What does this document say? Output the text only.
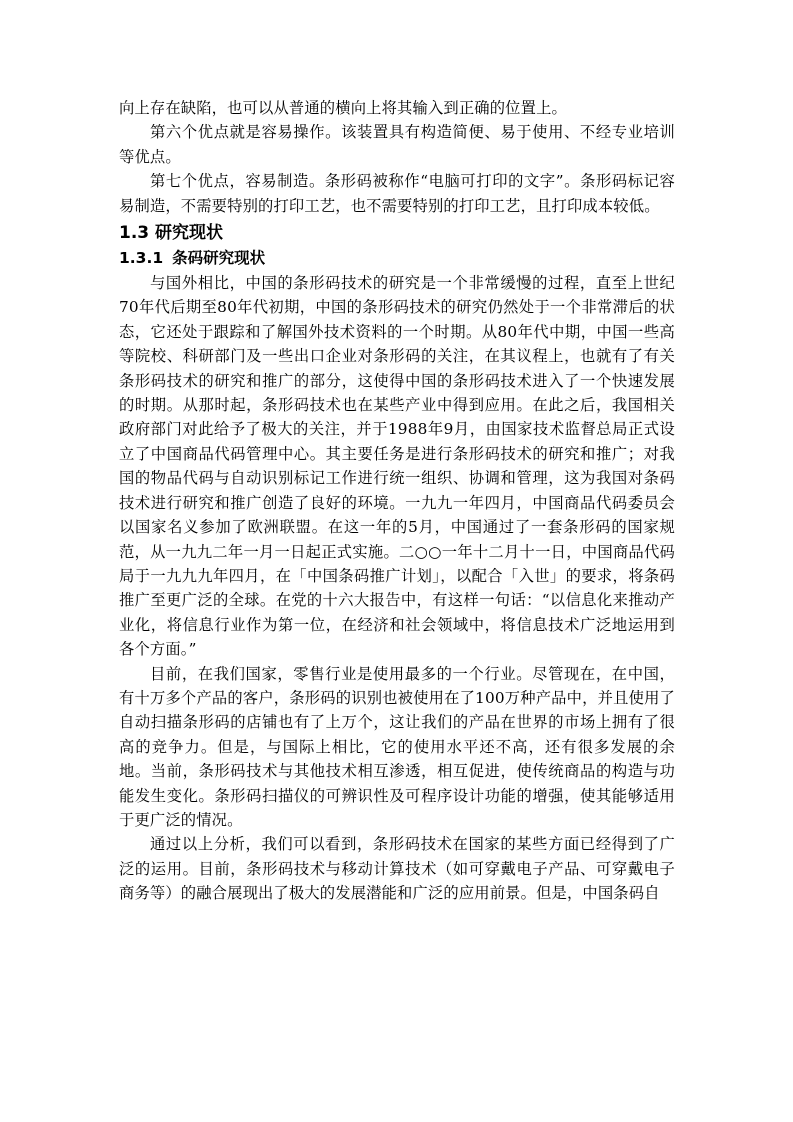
向上存在缺陷，也可以从普通的横向上将其输入到正确的位置上。

第六个优点就是容易操作。该装置具有构造简便、易于使用、不经专业培训等优点。

第七个优点，容易制造。条形码被称作“电脑可打印的文字”。条形码标记容易制造，不需要特别的打印工艺，也不需要特别的打印工艺，且打印成本较低。

1.3 研究现状
1.3.1 条码研究现状

与国外相比，中国的条形码技术的研究是一个非常缓慢的过程，直至上世纪70年代后期至80年代初期，中国的条形码技术的研究仍然处于一个非常滞后的状态，它还处于跟踪和了解国外技术资料的一个时期。从80年代中期，中国一些高等院校、科研部门及一些出口企业对条形码的关注，在其议程上，也就有了有关条形码技术的研究和推广的部分，这使得中国的条形码技术进入了一个快速发展的时期。从那时起，条形码技术也在某些产业中得到应用。在此之后，我国相关政府部门对此给予了极大的关注，并于1988年9月，由国家技术监督总局正式设立了中国商品代码管理中心。其主要任务是进行条形码技术的研究和推广；对我国的物品代码与自动识别标记工作进行统一组织、协调和管理，这为我国对条码技术进行研究和推广创造了良好的环境。一九九一年四月，中国商品代码委员会以国家名义参加了欧洲联盟。在这一年的5月，中国通过了一套条形码的国家规范，从一九九二年一月一日起正式实施。二○○一年十二月十一日，中国商品代码局于一九九九年四月，在「中国条码推广计划」，以配合「入世」的要求，将条码推广至更广泛的全球。在党的十六大报告中，有这样一句话：“以信息化来推动产业化，将信息行业作为第一位，在经济和社会领域中，将信息技术广泛地运用到各个方面。”

目前，在我们国家，零售行业是使用最多的一个行业。尽管现在，在中国，有十万多个产品的客户，条形码的识别也被使用在了100万种产品中，并且使用了自动扫描条形码的店铺也有了上万个，这让我们的产品在世界的市场上拥有了很高的竞争力。但是，与国际上相比，它的使用水平还不高，还有很多发展的余地。当前，条形码技术与其他技术相互渗透，相互促进，使传统商品的构造与功能发生变化。条形码扫描仪的可辨识性及可程序设计功能的增强，使其能够适用于更广泛的情况。

通过以上分析，我们可以看到，条形码技术在国家的某些方面已经得到了广泛的运用。目前，条形码技术与移动计算技术（如可穿戴电子产品、可穿戴电子商务等）的融合展现出了极大的发展潜能和广泛的应用前景。但是，中国条码自
